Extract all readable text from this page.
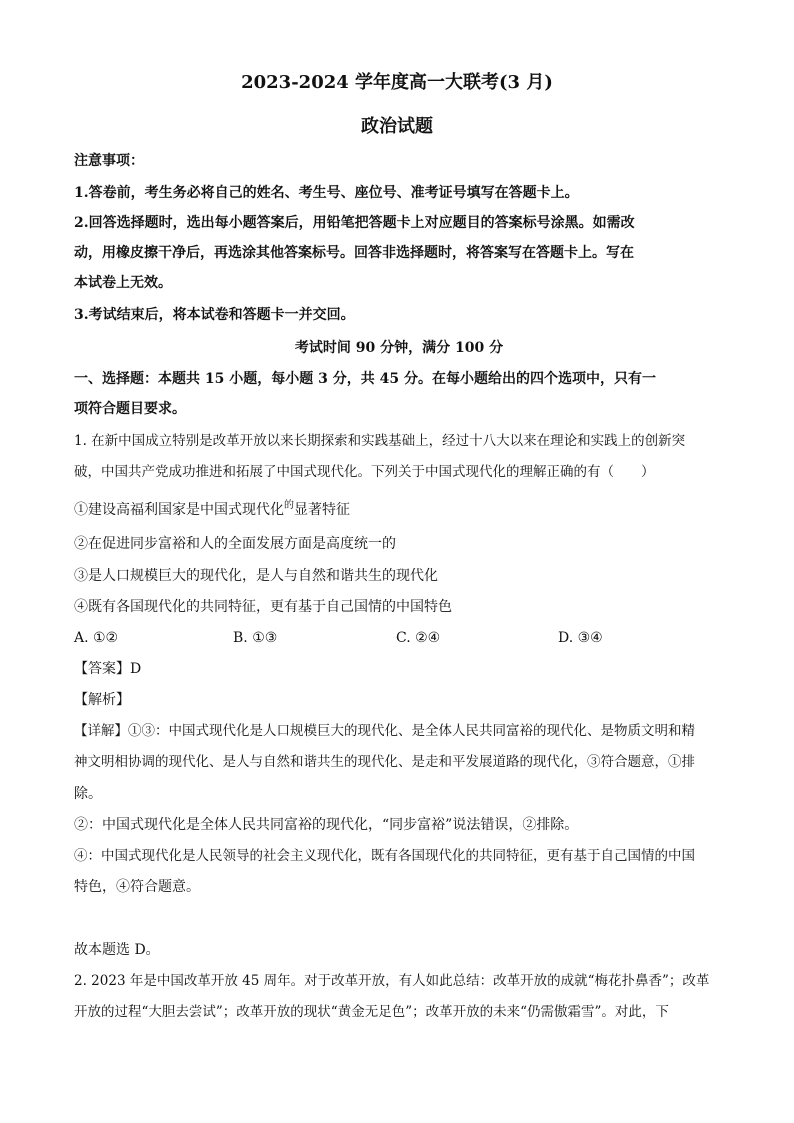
2023-2024 学年度高一大联考(3 月)
政治试题
注意事项：
1.答卷前，考生务必将自己的姓名、考生号、座位号、准考证号填写在答题卡上。
2.回答选择题时，选出每小题答案后，用铅笔把答题卡上对应题目的答案标号涂黑。如需改
动，用橡皮擦干净后，再选涂其他答案标号。回答非选择题时，将答案写在答题卡上。写在
本试卷上无效。
3.考试结束后，将本试卷和答题卡一并交回。
考试时间 90 分钟，满分 100 分
一、选择题：本题共 15 小题，每小题 3 分，共 45 分。在每小题给出的四个选项中，只有一
项符合题目要求。
1. 在新中国成立特别是改革开放以来长期探索和实践基础上，经过十八大以来在理论和实践上的创新突
破，中国共产党成功推进和拓展了中国式现代化。下列关于中国式现代化的理解正确的有（　　）
①建设高福利国家是中国式现代化$^的$显著特征
②在促进同步富裕和人的全面发展方面是高度统一的
③是人口规模巨大的现代化，是人与自然和谐共生的现代化
④既有各国现代化的共同特征，更有基于自己国情的中国特色
A. ①②	B. ①③	C. ②④	D. ③④
【答案】D
【解析】
【详解】①③：中国式现代化是人口规模巨大的现代化、是全体人民共同富裕的现代化、是物质文明和精
神文明相协调的现代化、是人与自然和谐共生的现代化、是走和平发展道路的现代化，③符合题意，①排
除。
②：中国式现代化是全体人民共同富裕的现代化，“同步富裕”说法错误，②排除。
④：中国式现代化是人民领导的社会主义现代化，既有各国现代化的共同特征，更有基于自己国情的中国
特色，④符合题意。
故本题选 D。
2. 2023 年是中国改革开放 45 周年。对于改革开放，有人如此总结：改革开放的成就“梅花扑鼻香”；改革
开放的过程“大胆去尝试”；改革开放的现状“黄金无足色”；改革开放的未来“仍需傲霜雪”。对此，下
